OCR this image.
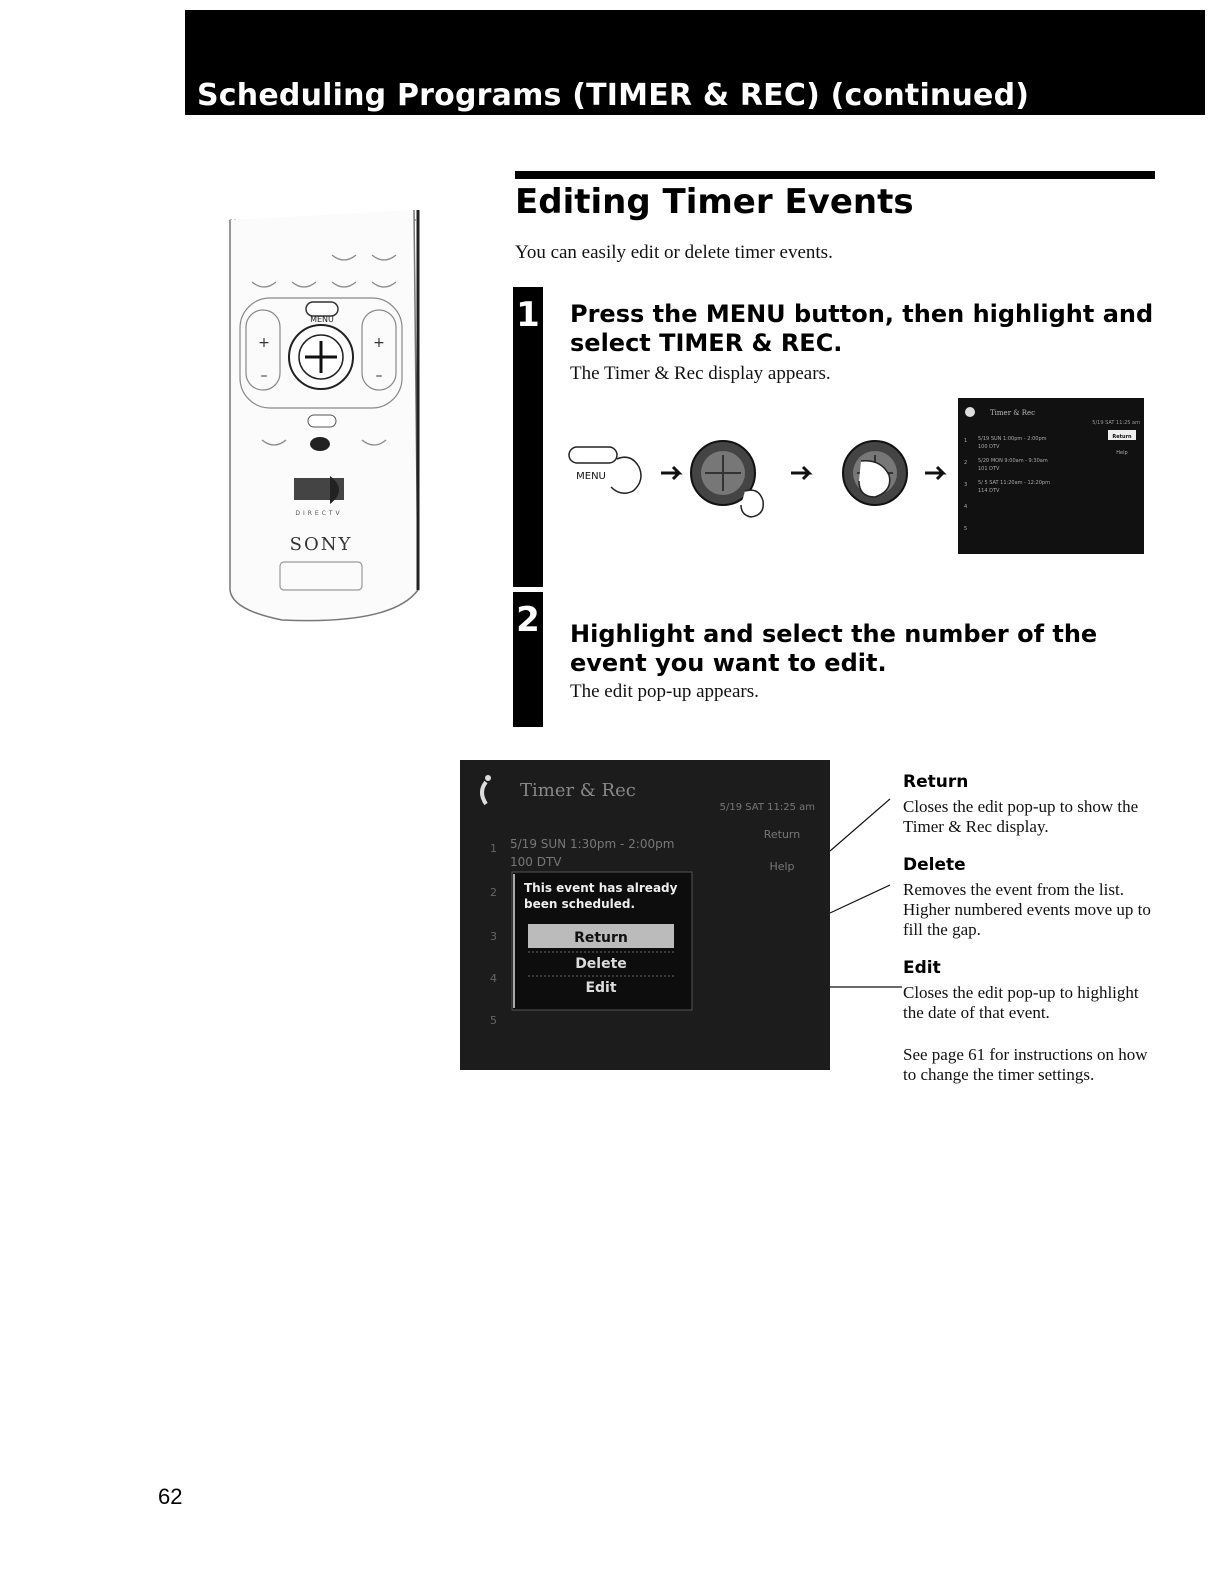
Scheduling Programs (TIMER & REC) (continued)
MENU
+	+
–	–
DIRECTV
SONY
Editing Timer Events
You can easily edit or delete timer events.
1 Press the MENU button, then highlight and select TIMER & REC.
The Timer & Rec display appears.
MENU
Timer & Rec
5/19 SAT 11:25 am
1 5/19 SUN 1:00pm - 2:00pm
100 DTV
2 5/20 MON 9:00am - 9:30am
101 DTV
3 5/ 5 SAT 11:20am - 12:20pm
114 DTV
4
5
Return
Help
2 Highlight and select the number of the event you want to edit.
The edit pop-up appears.
Timer & Rec
5/19 SAT 11:25 am
5/19 SUN 1:30pm - 2:00pm
100 DTV
1
2
3
4
5
Return
Help
This event has already been scheduled.
Return
Delete
Edit
Return
Closes the edit pop-up to show the Timer & Rec display.
Delete
Removes the event from the list. Higher numbered events move up to fill the gap.
Edit
Closes the edit pop-up to highlight the date of that event.
See page 61 for instructions on how to change the timer settings.
62
